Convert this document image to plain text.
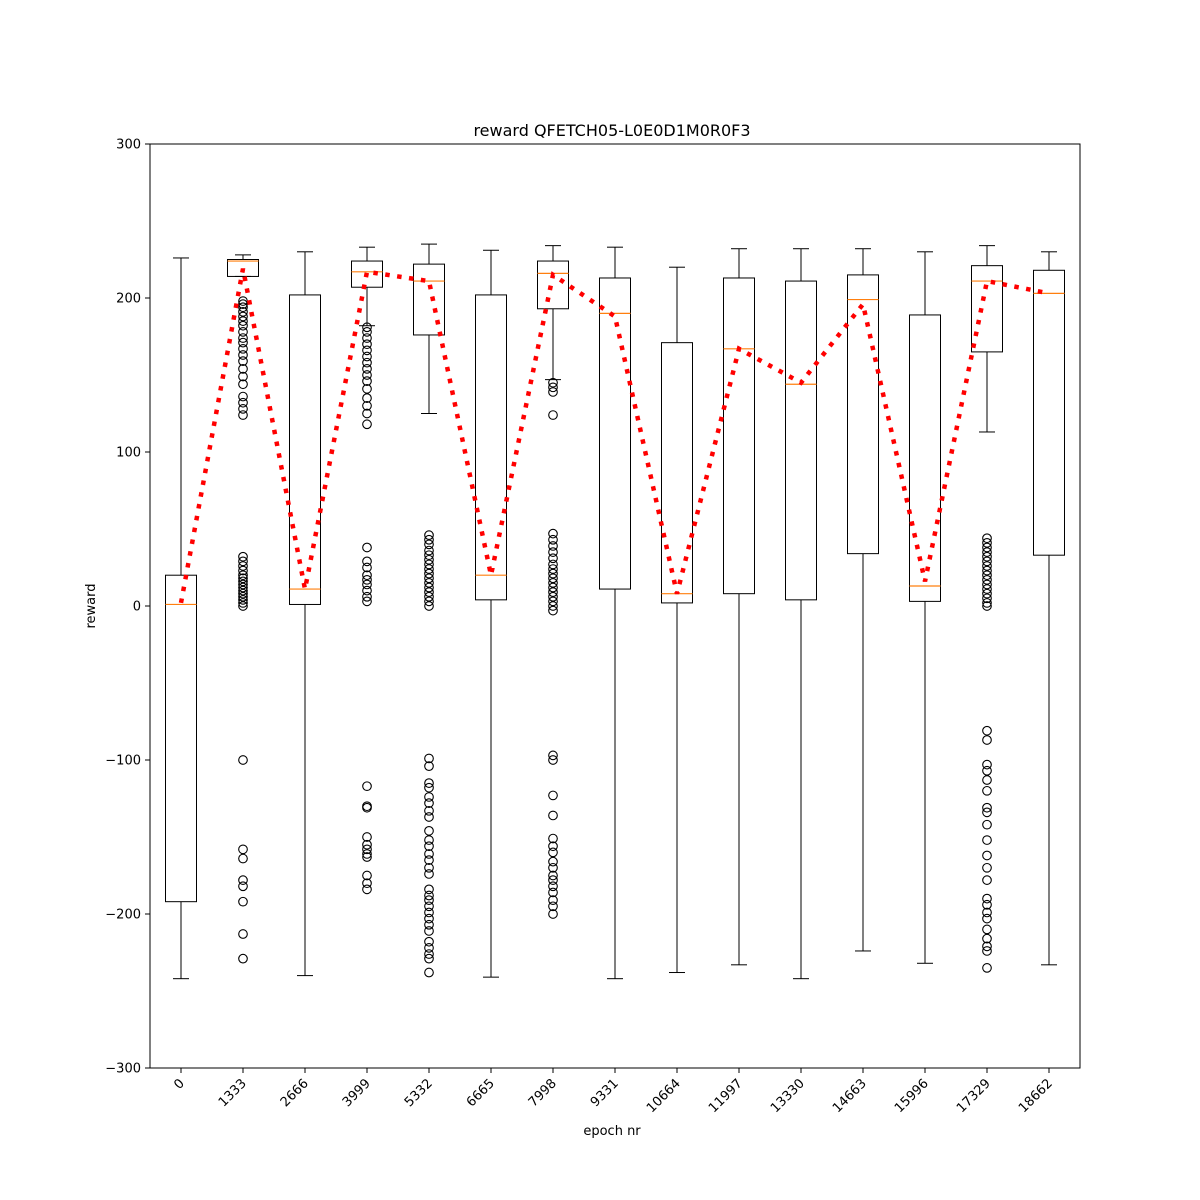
reward QFETCH05-L0E0D1M0R0F3
epoch nr
reward
−300
−200
−100
0
100
200
300
0 1333 2666 3999 5332 6665 7998 9331 10664 11997 13330 14663 15996 17329 18662
